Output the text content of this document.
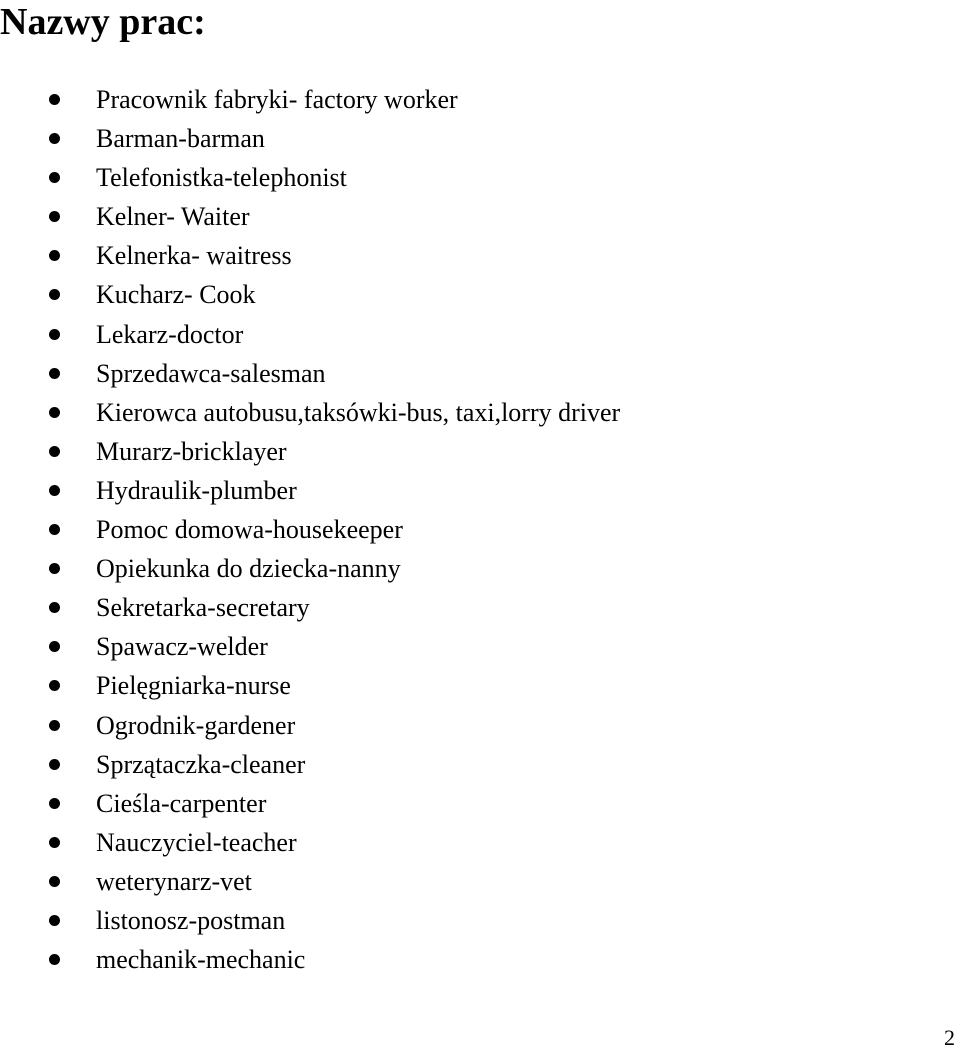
Nazwy prac:
Pracownik fabryki- factory worker
Barman-barman
Telefonistka-telephonist
Kelner- Waiter
Kelnerka- waitress
Kucharz- Cook
Lekarz-doctor
Sprzedawca-salesman
Kierowca autobusu,taksówki-bus, taxi,lorry driver
Murarz-bricklayer
Hydraulik-plumber
Pomoc domowa-housekeeper
Opiekunka do dziecka-nanny
Sekretarka-secretary
Spawacz-welder
Pielęgniarka-nurse
Ogrodnik-gardener
Sprzątaczka-cleaner
Cieśla-carpenter
Nauczyciel-teacher
weterynarz-vet
listonosz-postman
mechanik-mechanic
2
